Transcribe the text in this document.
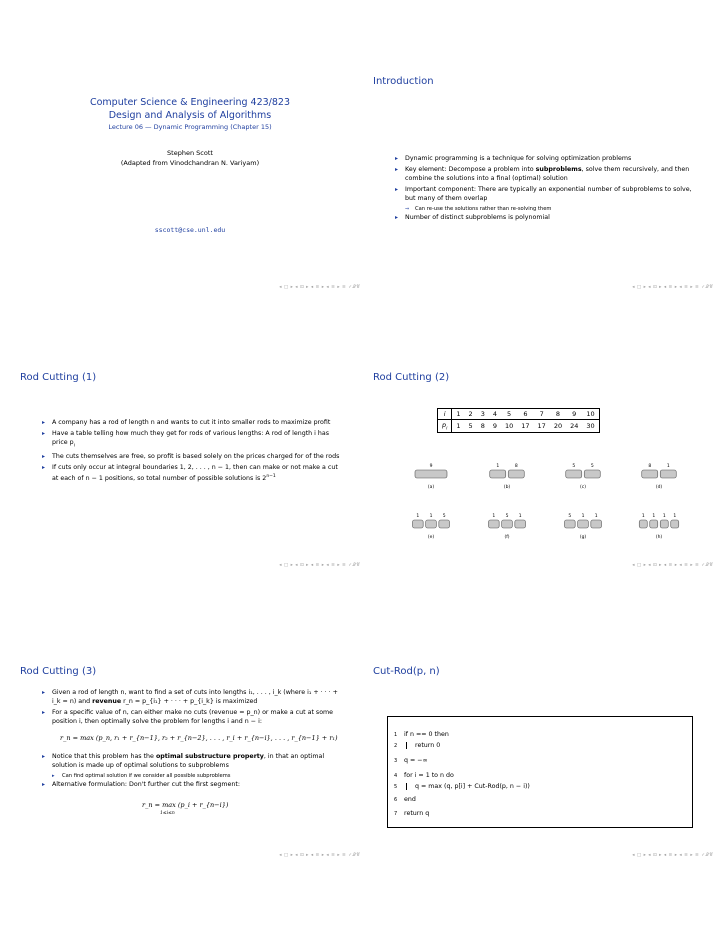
Computer Science & Engineering 423/823
Design and Analysis of Algorithms
Lecture 06 — Dynamic Programming (Chapter 15)
Stephen Scott
(Adapted from Vinodchandran N. Variyam)
sscott@cse.unl.edu
◂ □ ▸ ◂ ⊡ ▸ ◂ ≡ ▸ ◂ ≡ ▸ ≡ ✓𝒬𝒞
Introduction
▸ Dynamic programming is a technique for solving optimization problems
▸ Key element: Decompose a problem into subproblems, solve them recursively, and then combine the solutions into a final (optimal) solution
▸ Important component: There are typically an exponential number of subproblems to solve, but many of them overlap
⇒ Can re-use the solutions rather than re-solving them
▸ Number of distinct subproblems is polynomial
◂ □ ▸ ◂ ⊡ ▸ ◂ ≡ ▸ ◂ ≡ ▸ ≡ ✓𝒬𝒞
Rod Cutting (1)
▸ A company has a rod of length n and wants to cut it into smaller rods to maximize profit
▸ Have a table telling how much they get for rods of various lengths: A rod of length i has price $p_i$
▸ The cuts themselves are free, so profit is based solely on the prices charged for of the rods
▸ If cuts only occur at integral boundaries 1, 2, . . . , n − 1, then can make or not make a cut at each of n − 1 positions, so total number of possible solutions is $2^{n-1}$
◂ □ ▸ ◂ ⊡ ▸ ◂ ≡ ▸ ◂ ≡ ▸ ≡ ✓𝒬𝒞
Rod Cutting (2)
i	1	2	3	4	5	6	7	8	9	10
$p_i$	1	5	8	9	10	17	17	20	24	30
9
(a)
1	8
(b)
5	5
(c)
8	1
(d)
1 1 5
(e)
1 5 1
(f)
5 1 1
(g)
1 1 1 1
(h)
◂ □ ▸ ◂ ⊡ ▸ ◂ ≡ ▸ ◂ ≡ ▸ ≡ ✓𝒬𝒞
Rod Cutting (3)
▸ Given a rod of length n, want to find a set of cuts into lengths i₁, . . . , i_k (where i₁ + · · · + i_k = n) and revenue r_n = p_{i₁} + · · · + p_{i_k} is maximized
▸ For a specific value of n, can either make no cuts (revenue = p_n) or make a cut at some position i, then optimally solve the problem for lengths i and n − i:
r_n = max (p_n, r₁ + r_{n−1}, r₂ + r_{n−2}, . . . , r_i + r_{n−i}, . . . , r_{n−1} + r₁)
▸ Notice that this problem has the optimal substructure property, in that an optimal solution is made up of optimal solutions to subproblems
▸ Can find optimal solution if we consider all possible subproblems
▸ Alternative formulation: Don't further cut the first segment:
r_n = max (p_i + r_{n−i})
1≤i≤n
◂ □ ▸ ◂ ⊡ ▸ ◂ ≡ ▸ ◂ ≡ ▸ ≡ ✓𝒬𝒞
Cut-Rod(p, n)
1 if n == 0 then
2	return 0
3 q = −∞
4 for i = 1 to n do
5	q = max (q, p[i] + Cut-Rod(p, n − i))
6 end
7 return q
◂ □ ▸ ◂ ⊡ ▸ ◂ ≡ ▸ ◂ ≡ ▸ ≡ ✓𝒬𝒞
